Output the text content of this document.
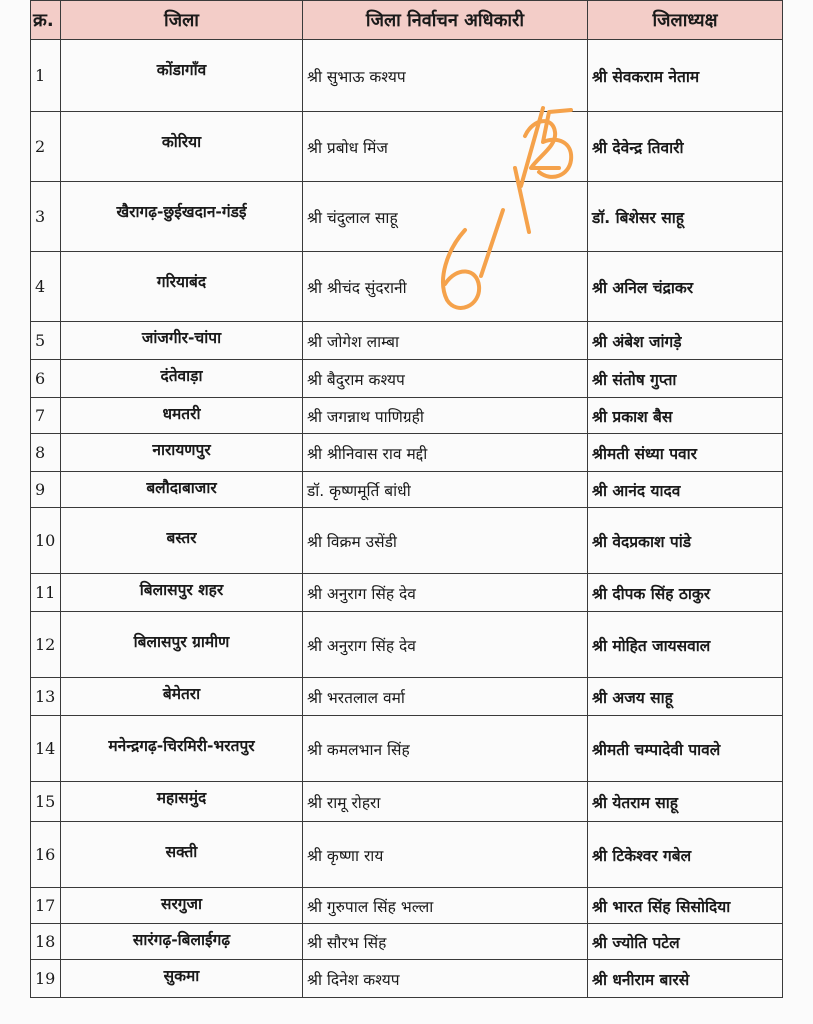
क्र.	जिला	जिला निर्वाचन अधिकारी	जिलाध्यक्ष
1	कोंडागाँव	श्री सुभाऊ कश्यप	श्री सेवकराम नेताम
2	कोरिया	श्री प्रबोध मिंज	श्री देवेन्द्र तिवारी
3	खैरागढ़-छुईखदान-गंडई	श्री चंदुलाल साहू	डॉ. बिशेसर साहू
4	गरियाबंद	श्री श्रीचंद सुंदरानी	श्री अनिल चंद्राकर
5	जांजगीर-चांपा	श्री जोगेश लाम्बा	श्री अंबेश जांगड़े
6	दंतेवाड़ा	श्री बैदुराम कश्यप	श्री संतोष गुप्ता
7	धमतरी	श्री जगन्नाथ पाणिग्रही	श्री प्रकाश बैस
8	नारायणपुर	श्री श्रीनिवास राव मद्दी	श्रीमती संध्या पवार
9	बलौदाबाजार	डॉ. कृष्णमूर्ति बांधी	श्री आनंद यादव
10	बस्तर	श्री विक्रम उसेंडी	श्री वेदप्रकाश पांडे
11	बिलासपुर शहर	श्री अनुराग सिंह देव	श्री दीपक सिंह ठाकुर
12	बिलासपुर ग्रामीण	श्री अनुराग सिंह देव	श्री मोहित जायसवाल
13	बेमेतरा	श्री भरतलाल वर्मा	श्री अजय साहू
14	मनेन्द्रगढ़-चिरमिरी-भरतपुर	श्री कमलभान सिंह	श्रीमती चम्पादेवी पावले
15	महासमुंद	श्री रामू रोहरा	श्री येतराम साहू
16	सक्ती	श्री कृष्णा राय	श्री टिकेश्वर गबेल
17	सरगुजा	श्री गुरुपाल सिंह भल्ला	श्री भारत सिंह सिसोदिया
18	सारंगढ़-बिलाईगढ़	श्री सौरभ सिंह	श्री ज्योति पटेल
19	सुकमा	श्री दिनेश कश्यप	श्री धनीराम बारसे
6/1/25
